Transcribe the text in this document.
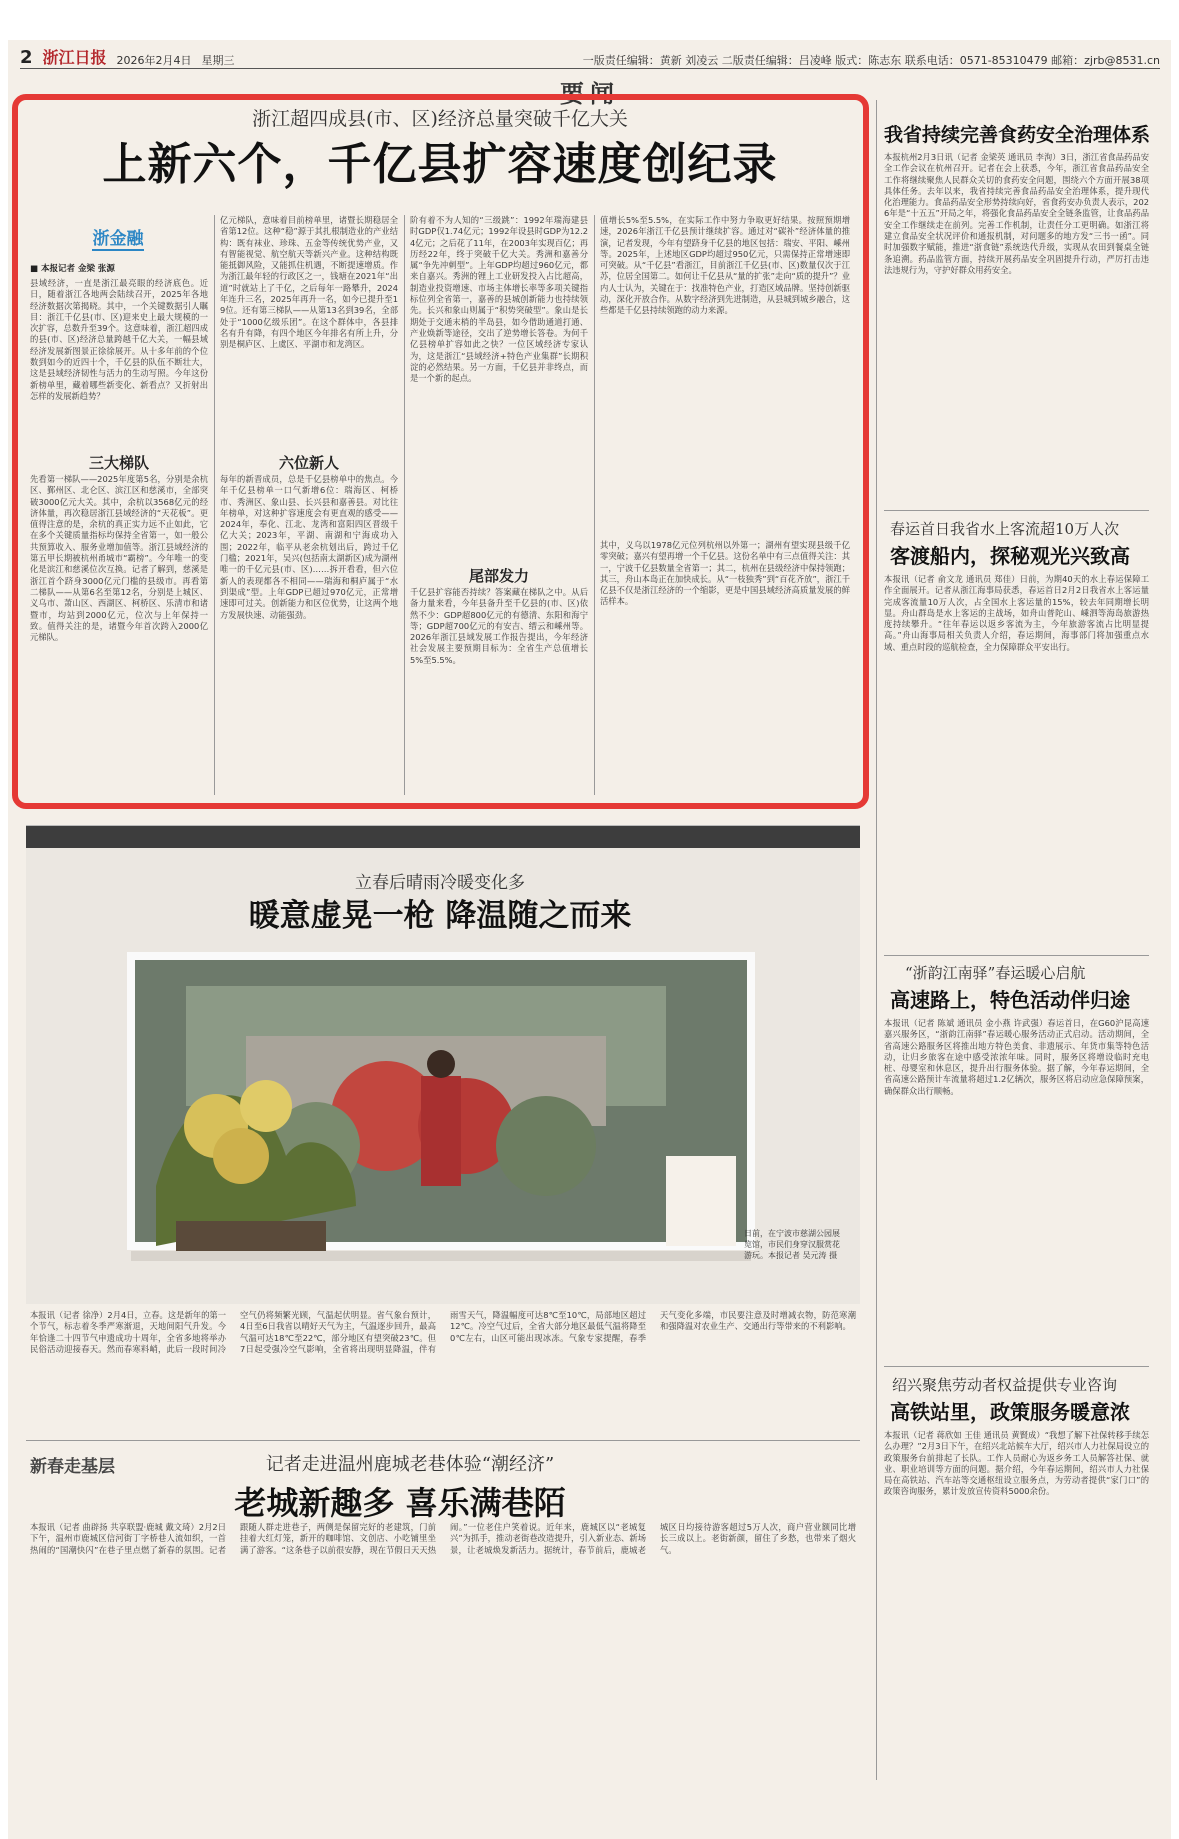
2 浙江日报 2026年2月4日 星期三	一版责任编辑：黄新 刘凌云 二版责任编辑：吕凌峰 版式：陈志东 联系电话：0571-85310479 邮箱：zjrb@8531.cn
要闻
浙江超四成县(市、区)经济总量突破千亿大关
上新六个，千亿县扩容速度创纪录
浙金融
■ 本报记者 金梁 张源
县域经济，一直是浙江最亮眼的经济底色。近日，随着浙江各地两会陆续召开，2025年各地经济数据次第揭晓。其中，一个关键数据引人瞩目：浙江千亿县(市、区)迎来史上最大规模的一次扩容，总数升至39个。这意味着，浙江超四成的县(市、区)经济总量跨越千亿大关，一幅县域经济发展新图景正徐徐展开。从十多年前的个位数到如今的近四十个，千亿县的队伍不断壮大，这是县域经济韧性与活力的生动写照。今年这份新榜单里，藏着哪些新变化、新看点？又折射出怎样的发展新趋势？
三大梯队
先看第一梯队——2025年度第5名，分别是余杭区、鄞州区、北仑区、滨江区和慈溪市，全部突破3000亿元大关。其中，余杭以3568亿元的经济体量，再次稳居浙江县域经济的“天花板”。更值得注意的是，余杭的真正实力远不止如此，它在多个关键质量指标均保持全省第一，如一般公共预算收入、服务业增加值等。浙江县域经济的第五甲长期被杭州甬城市“霸榜”。今年唯一的变化是滨江和慈溪位次互换。记者了解到，慈溪是浙江首个跻身3000亿元门槛的县级市。再看第二梯队——从第6名至第12名，分别是上城区、义乌市、萧山区、西湖区、柯桥区、乐清市和诸暨市，均站到2000亿元，位次与上年保持一致。值得关注的是，诸暨今年首次跨入2000亿元梯队。
亿元梯队，意味着目前榜单里，诸暨长期稳居全省第12位。这种“稳”源于其扎根制造业的产业结构：既有袜业、珍珠、五金等传统优势产业，又有智能视觉、航空航天等新兴产业。这种结构既能抵御风险，又能抓住机遇，不断提速增质。作为浙江最年轻的行政区之一，钱塘在2021年“出道”时就站上了千亿，之后每年一路攀升，2024年连升三名，2025年再升一名，如今已提升至19位。还有第三梯队——从第13名到39名，全部处于“1000亿级乐团”。在这个群体中，各县排名有升有降，有四个地区今年排名有所上升，分别是桐庐区、上虞区、平湖市和龙湾区。
六位新人
每年的新晋成员，总是千亿县榜单中的焦点。今年千亿县榜单一口气新增6位：瑞海区、柯桥市、秀洲区、象山县、长兴县和嘉善县。对比往年榜单，对这种扩容速度会有更直观的感受——2024年，奉化、江北、龙湾和富阳四区晋级千亿大关；2023年，平湖、南湖和宁海成功入围；2022年，临平从老余杭划出后，跨过千亿门槛；2021年，吴兴(包括南太湖新区)成为湖州唯一的千亿元县(市、区)……拆开看看，但六位新人的表现都各不相同——瑞海和桐庐属于“水到渠成”型。上年GDP已超过970亿元，正常增速即可过关。创新能力和区位优势，让这两个地方发展快速、动能强劲。
阶有着不为人知的“三级跳”：1992年瑞海建县时GDP仅1.74亿元；1992年设县时GDP为12.24亿元；之后花了11年，在2003年实现百亿；再历经22年，终于突破千亿大关。秀洲和嘉善分属“争先冲刺型”。上年GDP均超过960亿元，都来自嘉兴。秀洲的锂上工业研发投入占比超高，制造业投资增速、市场主体增长率等多项关键指标位列全省第一，嘉善的县城创新能力也持续领先。长兴和象山则属于“积势突破型”。象山是长期处于交通末梢的半岛县，如今借助通道打通、产业焕新等途径，交出了逆势增长答卷。为何千亿县榜单扩容如此之快？一位区域经济专家认为，这是浙江“县域经济+特色产业集群”长期积淀的必然结果。另一方面，千亿县并非终点，而是一个新的起点。
尾部发力
千亿县扩容能否持续？答案藏在梯队之中。从后备力量来看，今年县备升至千亿县的(市、区)依然不少：GDP超800亿元的有德清、东阳和海宁等；GDP超700亿元的有安吉、缙云和嵊州等。2026年浙江县域发展工作报告提出，今年经济社会发展主要预期目标为：全省生产总值增长5%至5.5%。
值增长5%至5.5%，在实际工作中努力争取更好结果。按照预期增速，2026年浙江千亿县预计继续扩容。通过对“碳补”经济体量的推演，记者发现，今年有望跻身千亿县的地区包括：瑞安、平阳、嵊州等。2025年，上述地区GDP均超过950亿元，只需保持正常增速即可突破。从“千亿县”看浙江，目前浙江千亿县(市、区)数量仅次于江苏，位居全国第二。如何让千亿县从“量的扩张”走向“质的提升”？业内人士认为，关键在于：找准特色产业，打造区域品牌。坚持创新驱动，深化开放合作。从数字经济到先进制造，从县城到城乡融合，这些都是千亿县持续领跑的动力来源。
其中，义乌以1978亿元位列杭州以外第一；湖州有望实现县级千亿零突破；嘉兴有望再增一个千亿县。这份名单中有三点值得关注：其一，宁波千亿县数量全省第一；其二，杭州在县级经济中保持领跑；其三，舟山本岛正在加快成长。从“一枝独秀”到“百花齐放”，浙江千亿县不仅是浙江经济的一个缩影，更是中国县域经济高质量发展的鲜活样本。
立春后晴雨冷暖变化多
暖意虚晃一枪 降温随之而来
日前，在宁波市慈湖公园展览馆，市民们身穿汉服赏花游玩。本报记者 吴元涛 摄
本报讯（记者 徐净）2月4日，立春。这是新年的第一个节气，标志着冬季严寒渐退，天地间阳气升发。今年恰逢二十四节气申遗成功十周年，全省多地将举办民俗活动迎接春天。然而春寒料峭，此后一段时间冷空气仍将频繁光顾，气温起伏明显。省气象台预计，4日至6日我省以晴好天气为主，气温逐步回升，最高气温可达18℃至22℃，部分地区有望突破23℃。但7日起受强冷空气影响，全省将出现明显降温，伴有雨雪天气，降温幅度可达8℃至10℃，局部地区超过12℃。冷空气过后，全省大部分地区最低气温将降至0℃左右，山区可能出现冰冻。气象专家提醒，春季天气变化多端，市民要注意及时增减衣物，防范寒潮和强降温对农业生产、交通出行等带来的不利影响。
新春走基层	记者走进温州鹿城老巷体验“潮经济”
老城新趣多 喜乐满巷陌
本报讯（记者 曲辟扬 共享联盟·鹿城 戴文琦）2月2日下午，温州市鹿城区信河街丁字桥巷人流如织，一首热闹的“国潮快闪”在巷子里点燃了新春的氛围。记者跟随人群走进巷子，两侧是保留完好的老建筑，门前挂着大红灯笼，新开的咖啡馆、文创店、小吃铺里坐满了游客。“这条巷子以前很安静，现在节假日天天热闹。”一位老住户笑着说。近年来，鹿城区以“老城复兴”为抓手，推动老街巷改造提升，引入新业态、新场景，让老城焕发新活力。据统计，春节前后，鹿城老城区日均接待游客超过5万人次，商户营业额同比增长三成以上。老街新颜，留住了乡愁，也带来了烟火气。
我省持续完善食药安全治理体系
本报杭州2月3日讯（记者 金梁英 通讯员 李洵）3日，浙江省食品药品安全工作会议在杭州召开。记者在会上获悉，今年，浙江省食品药品安全工作将继续聚焦人民群众关切的食药安全问题，围绕六个方面开展38项具体任务。去年以来，我省持续完善食品药品安全治理体系，提升现代化治理能力。食品药品安全形势持续向好，省食药安办负责人表示，2026年是“十五五”开局之年，将强化食品药品安全全链条监管，让食品药品安全工作继续走在前列。完善工作机制，让责任分工更明确。如浙江将建立食品安全状况评价和通报机制，对问题多的地方发“三书一函”。同时加强数字赋能，推进“浙食链”系统迭代升级，实现从农田到餐桌全链条追溯。药品监管方面，持续开展药品安全巩固提升行动，严厉打击违法违规行为，守护好群众用药安全。
春运首日我省水上客流超10万人次
客渡船内，探秘观光兴致高
本报讯（记者 俞文龙 通讯员 郑佳）日前，为期40天的水上春运保障工作全面展开。记者从浙江海事局获悉，春运首日2月2日我省水上客运量完成客流量10万人次，占全国水上客运量的15%，较去年同期增长明显。舟山群岛是水上客运的主战场，如舟山普陀山、嵊泗等海岛旅游热度持续攀升。“往年春运以返乡客流为主，今年旅游客流占比明显提高。”舟山海事局相关负责人介绍，春运期间，海事部门将加强重点水域、重点时段的巡航检查，全力保障群众平安出行。
“浙韵江南驿”春运暖心启航
高速路上，特色活动伴归途
本报讯（记者 陈斌 通讯员 金小燕 许武强）春运首日，在G60沪昆高速嘉兴服务区，“浙韵江南驿”春运暖心服务活动正式启动。活动期间，全省高速公路服务区将推出地方特色美食、非遗展示、年货市集等特色活动，让归乡旅客在途中感受浓浓年味。同时，服务区将增设临时充电桩、母婴室和休息区，提升出行服务体验。据了解，今年春运期间，全省高速公路预计车流量将超过1.2亿辆次，服务区将启动应急保障预案，确保群众出行顺畅。
绍兴聚焦劳动者权益提供专业咨询
高铁站里，政策服务暖意浓
本报讯（记者 蒋欣如 王佳 通讯员 黄賢成）“我想了解下社保转移手续怎么办理？”2月3日下午，在绍兴北站候车大厅，绍兴市人力社保局设立的政策服务台前排起了长队。工作人员耐心为返乡务工人员解答社保、就业、职业培训等方面的问题。据介绍，今年春运期间，绍兴市人力社保局在高铁站、汽车站等交通枢纽设立服务点，为劳动者提供“家门口”的政策咨询服务，累计发放宣传资料5000余份。
